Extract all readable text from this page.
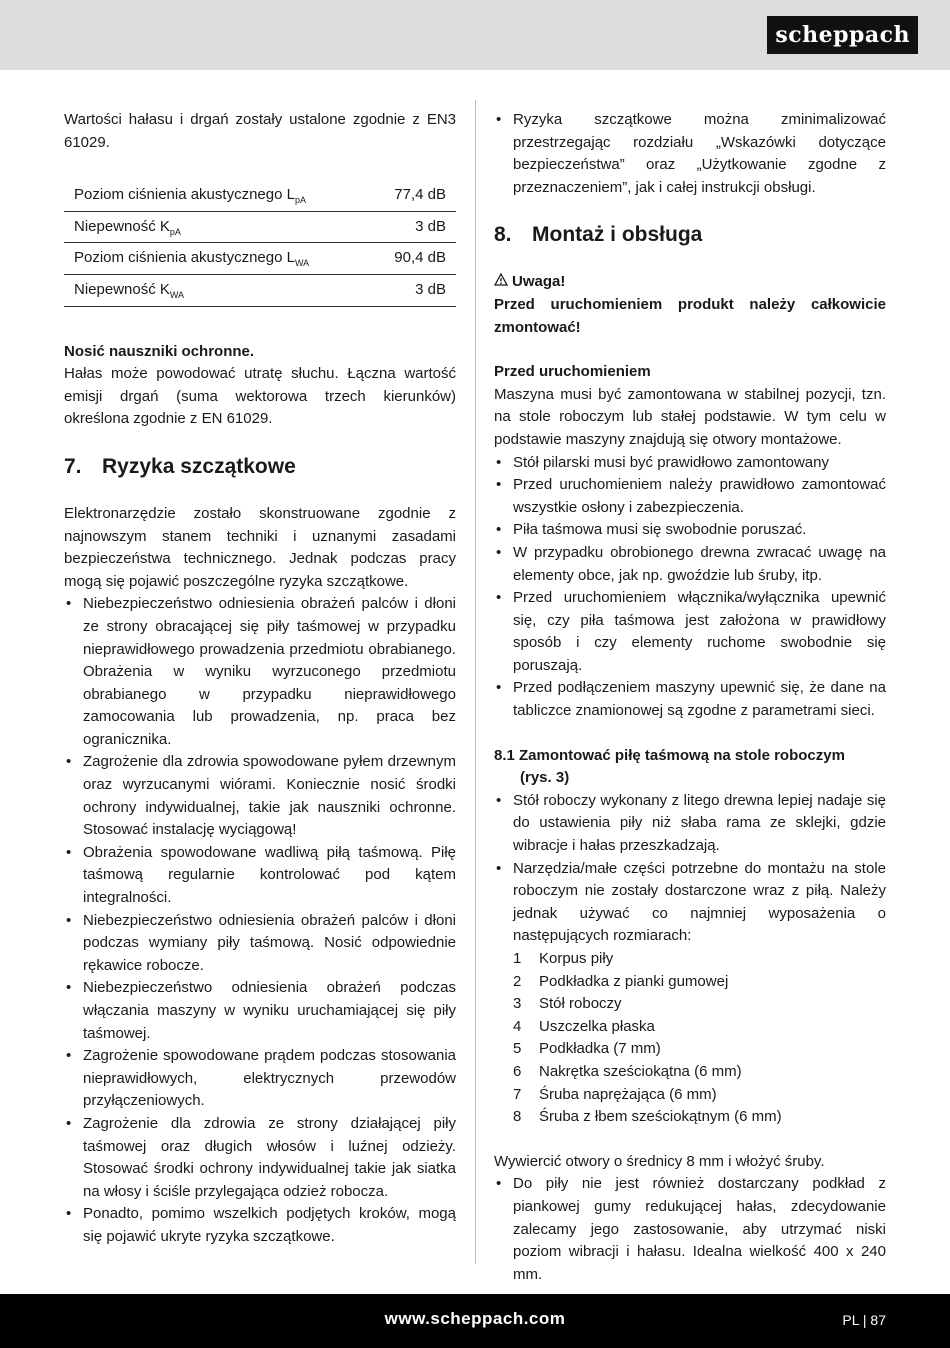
scheppach

Wartości hałasu i drgań zostały ustalone zgodnie z EN3 61029.

Poziom ciśnienia akustycznego $L_{pA}$	77,4 dB
Niepewność $K_{pA}$	3 dB
Poziom ciśnienia akustycznego $L_{WA}$	90,4 dB
Niepewność $K_{WA}$	3 dB

Nosić nauszniki ochronne.

Hałas może powodować utratę słuchu. Łączna wartość emisji drgań (suma wektorowa trzech kierunków) określona zgodnie z EN 61029.

7. Ryzyka szczątkowe

Elektronarzędzie zostało skonstruowane zgodnie z najnowszym stanem techniki i uznanymi zasadami bezpieczeństwa technicznego. Jednak podczas pracy mogą się pojawić poszczególne ryzyka szczątkowe.

• Niebezpieczeństwo odniesienia obrażeń palców i dłoni ze strony obracającej się piły taśmowej w przypadku nieprawidłowego prowadzenia przedmiotu obrabianego. Obrażenia w wyniku wyrzuconego przedmiotu obrabianego w przypadku nieprawidłowego zamocowania lub prowadzenia, np. praca bez ogranicznika.
• Zagrożenie dla zdrowia spowodowane pyłem drzewnym oraz wyrzucanymi wiórami. Koniecznie nosić środki ochrony indywidualnej, takie jak nauszniki ochronne. Stosować instalację wyciągową!
• Obrażenia spowodowane wadliwą piłą taśmową. Piłę taśmową regularnie kontrolować pod kątem integralności.
• Niebezpieczeństwo odniesienia obrażeń palców i dłoni podczas wymiany piły taśmową. Nosić odpowiednie rękawice robocze.
• Niebezpieczeństwo odniesienia obrażeń podczas włączania maszyny w wyniku uruchamiającej się piły taśmowej.
• Zagrożenie spowodowane prądem podczas stosowania nieprawidłowych, elektrycznych przewodów przyłączeniowych.
• Zagrożenie dla zdrowia ze strony działającej piły taśmowej oraz długich włosów i luźnej odzieży. Stosować środki ochrony indywidualnej takie jak siatka na włosy i ściśle przylegająca odzież robocza.
• Ponadto, pomimo wszelkich podjętych kroków, mogą się pojawić ukryte ryzyka szczątkowe.
• Ryzyka szczątkowe można zminimalizować przestrzegając rozdziału „Wskazówki dotyczące bezpieczeństwa” oraz „Użytkowanie zgodne z przeznaczeniem”, jak i całej instrukcji obsługi.
8. Montaż i obsługa

Uwaga!

Przed uruchomieniem produkt należy całkowicie zmontować!

Przed uruchomieniem

Maszyna musi być zamontowana w stabilnej pozycji, tzn. na stole roboczym lub stałej podstawie. W tym celu w podstawie maszyny znajdują się otwory montażowe.

• Stół pilarski musi być prawidłowo zamontowany
• Przed uruchomieniem należy prawidłowo zamontować wszystkie osłony i zabezpieczenia.
• Piła taśmowa musi się swobodnie poruszać.
• W przypadku obrobionego drewna zwracać uwagę na elementy obce, jak np. gwoździe lub śruby, itp.
• Przed uruchomieniem włącznika/wyłącznika upewnić się, czy piła taśmowa jest założona w prawidłowy sposób i czy elementy ruchome swobodnie się poruszają.
• Przed podłączeniem maszyny upewnić się, że dane na tabliczce znamionowej są zgodne z parametrami sieci.
8.1 Zamontować piłę taśmową na stole roboczym
(rys. 3)
• Stół roboczy wykonany z litego drewna lepiej nadaje się do ustawienia piły niż słaba rama ze sklejki, gdzie wibracje i hałas przeszkadzają.
• Narzędzia/małe części potrzebne do montażu na stole roboczym nie zostały dostarczone wraz z piłą. Należy jednak używać co najmniej wyposażenia o następujących rozmiarach:
1 Korpus piły
2 Podkładka z pianki gumowej
3 Stół roboczy
4 Uszczelka płaska
5 Podkładka (7 mm)
6 Nakrętka sześciokątna (6 mm)
7 Śruba naprężająca (6 mm)
8 Śruba z łbem sześciokątnym (6 mm)

Wywiercić otwory o średnicy 8 mm i włożyć śruby.

• Do piły nie jest również dostarczany podkład z piankowej gumy redukującej hałas, zdecydowanie zalecamy jego zastosowanie, aby utrzymać niski poziom wibracji i hałasu. Idealna wielkość 400 x 240 mm.
www.scheppach.com	PL | 87
